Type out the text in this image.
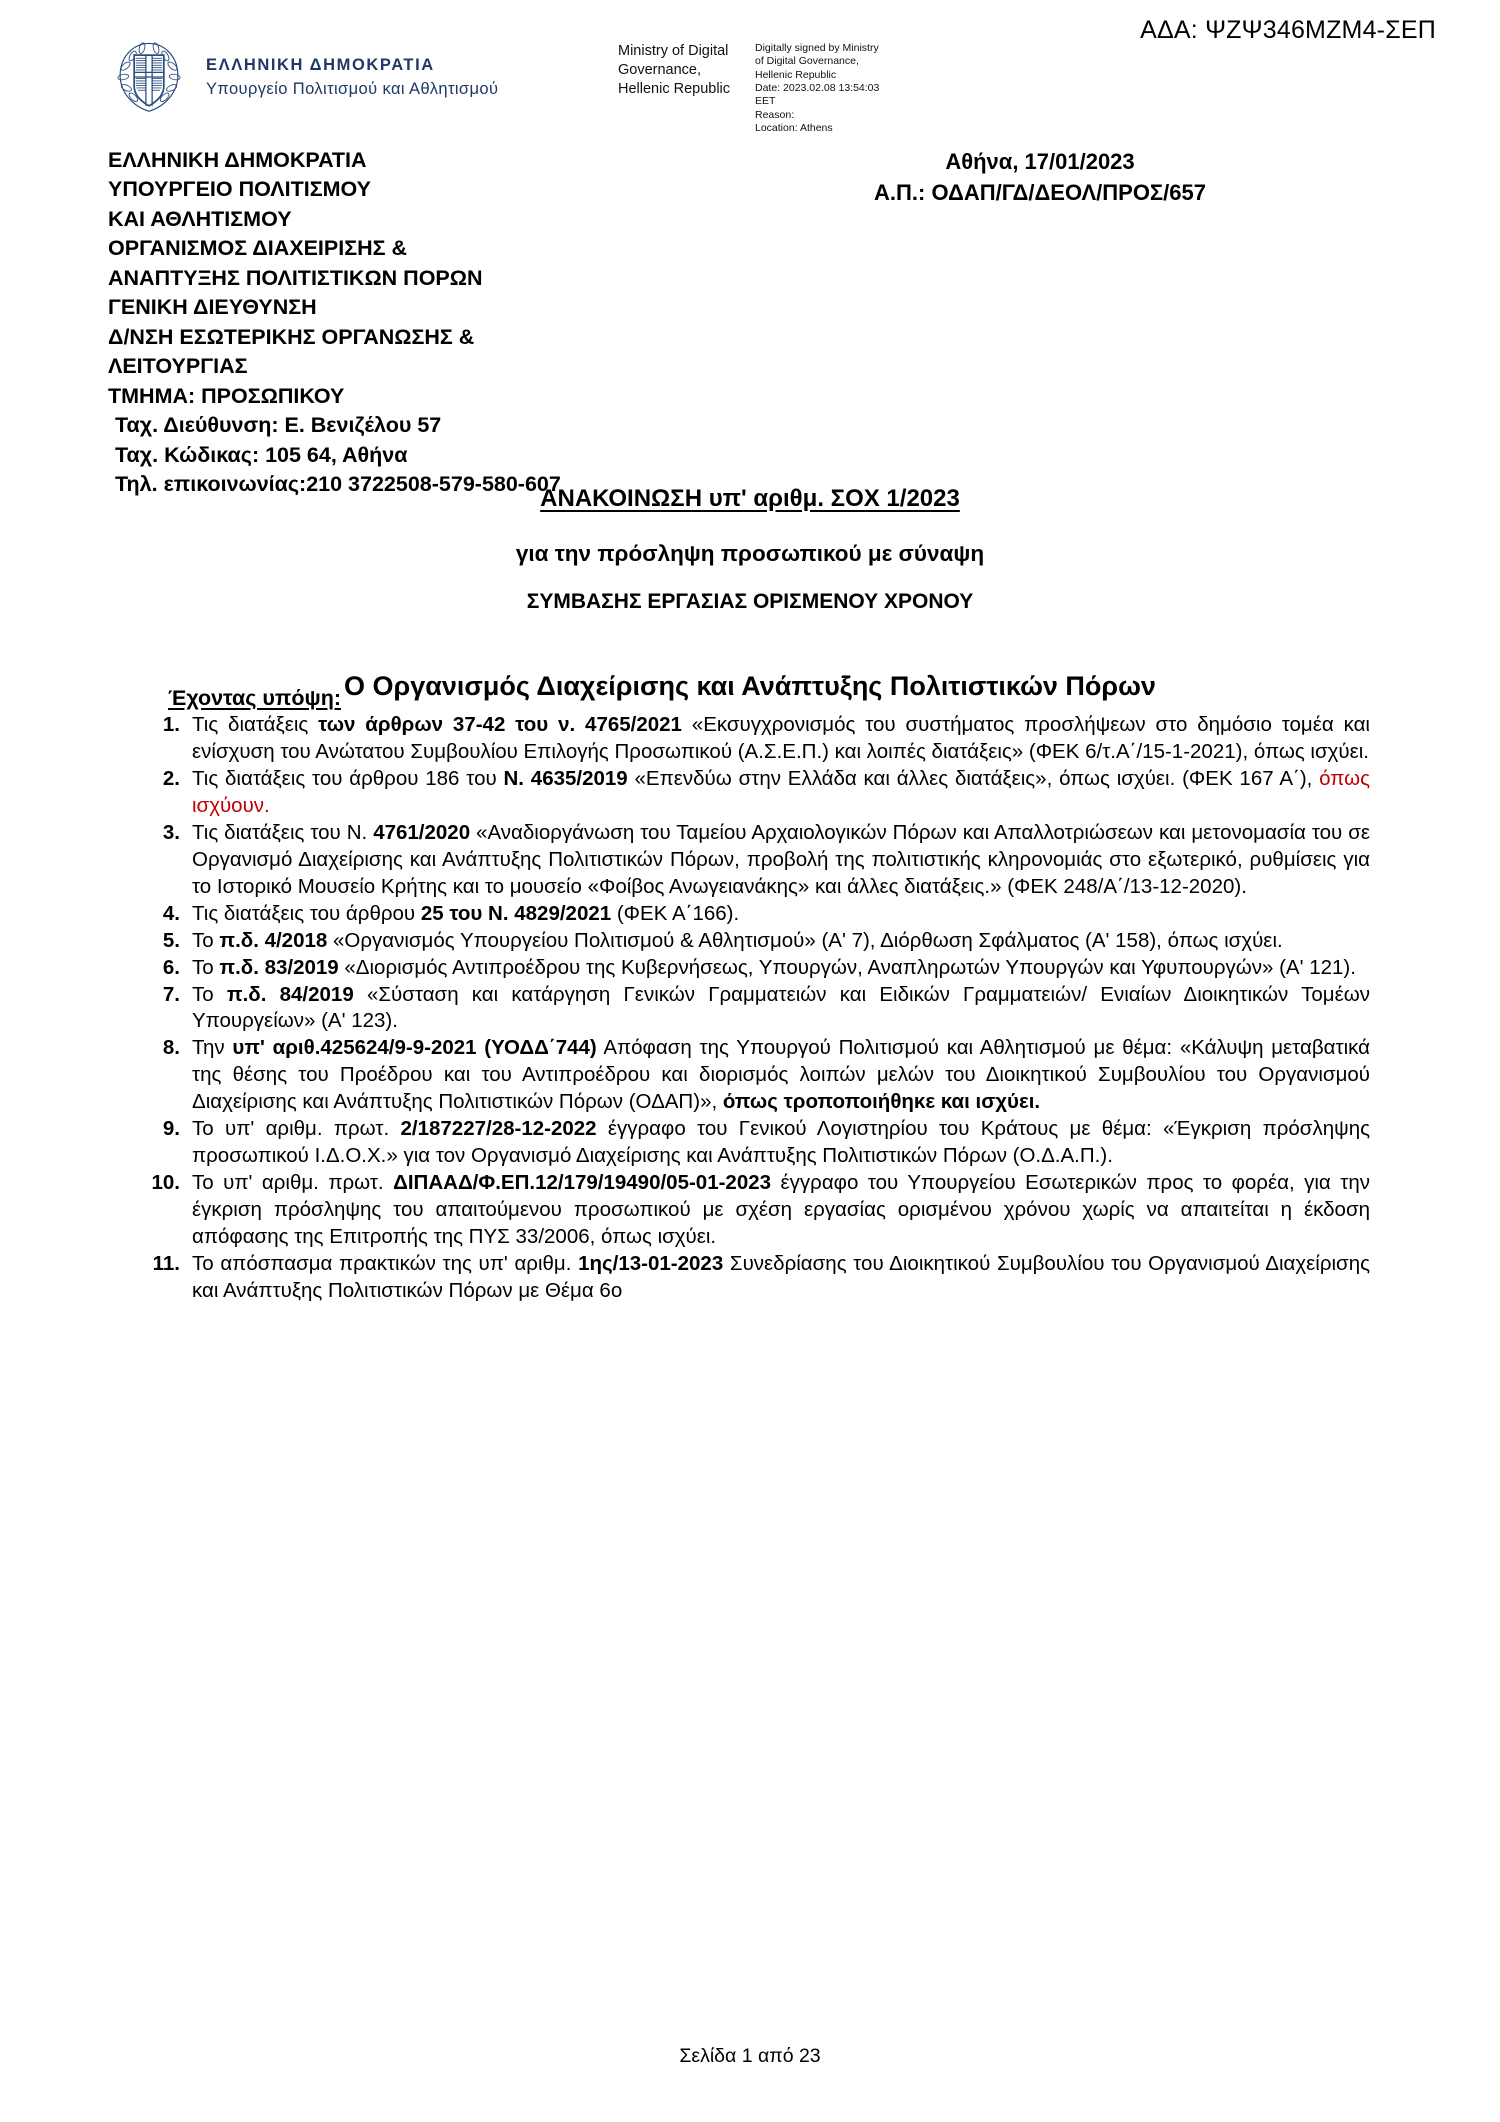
ΑΔΑ: ΨΖΨ346ΜΖΜ4-ΣΕΠ
ΕΛΛΗΝΙΚΗ ΔΗΜΟΚΡΑΤΙΑ
Υπουργείο Πολιτισμού και Αθλητισμού
Ministry of Digital
Governance,
Hellenic Republic
Digitally signed by Ministry
of Digital Governance,
Hellenic Republic
Date: 2023.02.08 13:54:03
EET
Reason:
Location: Athens
ΕΛΛΗΝΙΚΗ ΔΗΜΟΚΡΑΤΙΑ
ΥΠΟΥΡΓΕΙΟ ΠΟΛΙΤΙΣΜΟΥ
ΚΑΙ ΑΘΛΗΤΙΣΜΟΥ
ΟΡΓΑΝΙΣΜΟΣ ΔΙΑΧΕΙΡΙΣΗΣ &
ΑΝΑΠΤΥΞΗΣ ΠΟΛΙΤΙΣΤΙΚΩΝ ΠΟΡΩΝ
ΓΕΝΙΚΗ ΔΙΕΥΘΥΝΣΗ
Δ/ΝΣΗ ΕΣΩΤΕΡΙΚΗΣ ΟΡΓΑΝΩΣΗΣ &
ΛΕΙΤΟΥΡΓΙΑΣ
ΤΜΗΜΑ: ΠΡΟΣΩΠΙΚΟΥ
Ταχ. Διεύθυνση: Ε. Βενιζέλου 57
Ταχ. Κώδικας: 105 64, Αθήνα
Τηλ. επικοινωνίας:210 3722508-579-580-607
Αθήνα, 17/01/2023
Α.Π.: ΟΔΑΠ/ΓΔ/ΔΕΟΛ/ΠΡΟΣ/657
ΑΝΑΚΟΙΝΩΣΗ υπ' αριθμ. ΣΟΧ 1/2023
για την πρόσληψη προσωπικού με σύναψη
ΣΥΜΒΑΣΗΣ ΕΡΓΑΣΙΑΣ ΟΡΙΣΜΕΝΟΥ ΧΡΟΝΟΥ
Ο Οργανισμός Διαχείρισης και Ανάπτυξης Πολιτιστικών Πόρων
Έχοντας υπόψη:
1. Τις διατάξεις των άρθρων 37-42 του ν. 4765/2021 «Εκσυγχρονισμός του συστήματος προσλήψεων στο δημόσιο τομέα και ενίσχυση του Ανώτατου Συμβουλίου Επιλογής Προσωπικού (Α.Σ.Ε.Π.) και λοιπές διατάξεις» (ΦΕΚ 6/τ.Α΄/15-1-2021), όπως ισχύει.
2. Τις διατάξεις του άρθρου 186 του Ν. 4635/2019 «Επενδύω στην Ελλάδα και άλλες διατάξεις», όπως ισχύει. (ΦΕΚ 167 Α΄), όπως ισχύουν.
3. Τις διατάξεις του Ν. 4761/2020 «Αναδιοργάνωση του Ταμείου Αρχαιολογικών Πόρων και Απαλλοτριώσεων και μετονομασία του σε Οργανισμό Διαχείρισης και Ανάπτυξης Πολιτιστικών Πόρων, προβολή της πολιτιστικής κληρονομιάς στο εξωτερικό, ρυθμίσεις για το Ιστορικό Μουσείο Κρήτης και το μουσείο «Φοίβος Ανωγειανάκης» και άλλες διατάξεις.» (ΦΕΚ 248/Α΄/13-12-2020).
4. Τις διατάξεις του άρθρου 25 του Ν. 4829/2021 (ΦΕΚ Α΄166).
5. Το π.δ. 4/2018 «Οργανισμός Υπουργείου Πολιτισμού & Αθλητισμού» (Α' 7), Διόρθωση Σφάλματος (Α' 158), όπως ισχύει.
6. Το π.δ. 83/2019 «Διορισμός Αντιπροέδρου της Κυβερνήσεως, Υπουργών, Αναπληρωτών Υπουργών και Υφυπουργών» (Α' 121).
7. Το π.δ. 84/2019 «Σύσταση και κατάργηση Γενικών Γραμματειών και Ειδικών Γραμματειών/ Ενιαίων Διοικητικών Τομέων Υπουργείων» (Α' 123).
8. Την υπ' αριθ.425624/9-9-2021 (ΥΟΔΔ΄744) Απόφαση της Υπουργού Πολιτισμού και Αθλητισμού με θέμα: «Κάλυψη μεταβατικά της θέσης του Προέδρου και του Αντιπροέδρου και διορισμός λοιπών μελών του Διοικητικού Συμβουλίου του Οργανισμού Διαχείρισης και Ανάπτυξης Πολιτιστικών Πόρων (ΟΔΑΠ)», όπως τροποποιήθηκε και ισχύει.
9. Το υπ' αριθμ. πρωτ. 2/187227/28-12-2022 έγγραφο του Γενικού Λογιστηρίου του Κράτους με θέμα: «Έγκριση πρόσληψης προσωπικού Ι.Δ.Ο.Χ.» για τον Οργανισμό Διαχείρισης και Ανάπτυξης Πολιτιστικών Πόρων (Ο.Δ.Α.Π.).
10. Το υπ' αριθμ. πρωτ. ΔΙΠΑΑΔ/Φ.ΕΠ.12/179/19490/05-01-2023 έγγραφο του Υπουργείου Εσωτερικών προς το φορέα, για την έγκριση πρόσληψης του απαιτούμενου προσωπικού με σχέση εργασίας ορισμένου χρόνου χωρίς να απαιτείται η έκδοση απόφασης της Επιτροπής της ΠΥΣ 33/2006, όπως ισχύει.
11. Το απόσπασμα πρακτικών της υπ' αριθμ. 1ης/13-01-2023 Συνεδρίασης του Διοικητικού Συμβουλίου του Οργανισμού Διαχείρισης και Ανάπτυξης Πολιτιστικών Πόρων με Θέμα 6ο
Σελίδα 1 από 23
